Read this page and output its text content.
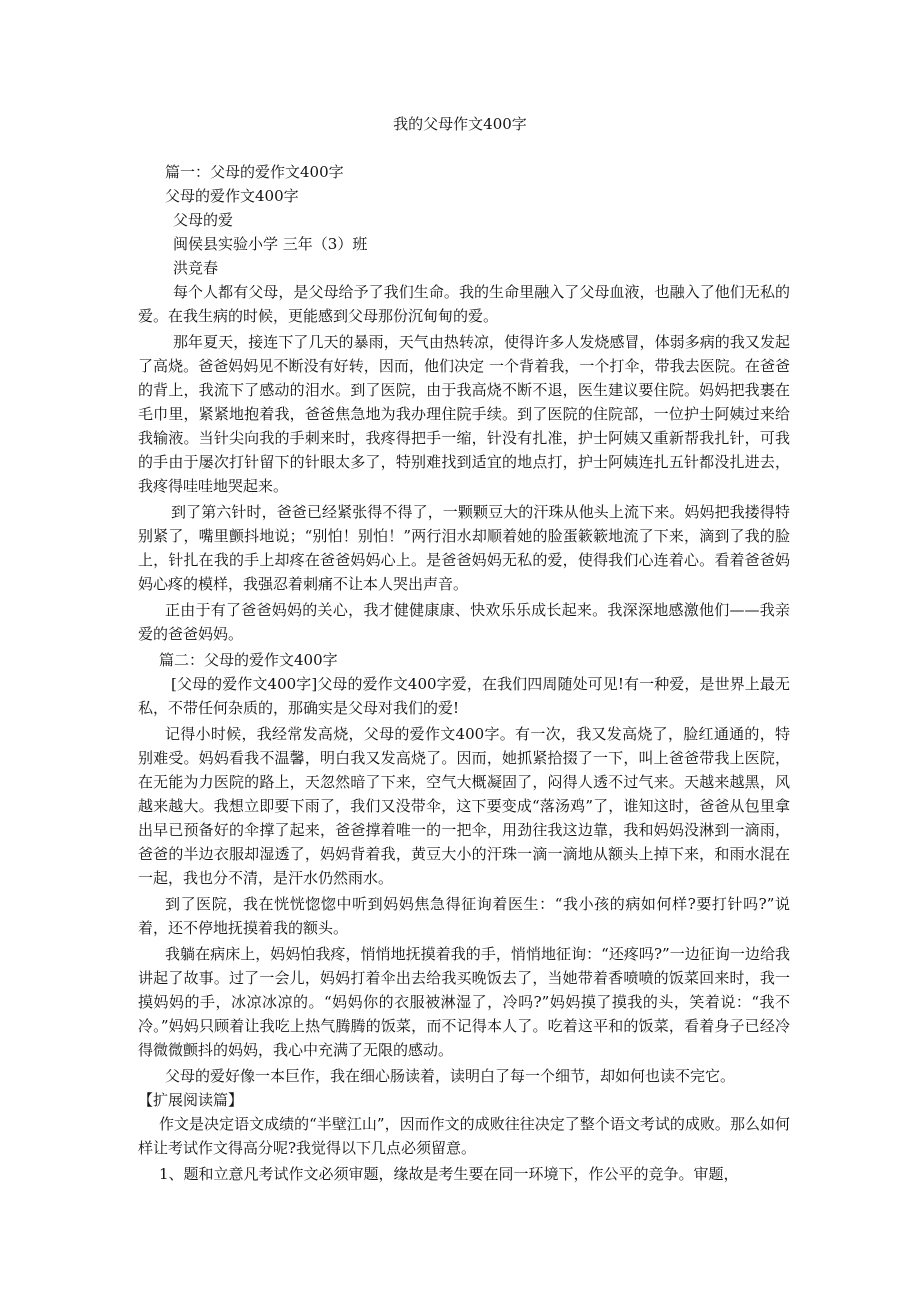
我的父母作文400字
篇一：父母的爱作文400字
父母的爱作文400字
父母的爱
闽侯县实验小学 三年（3）班
洪竞春
每个人都有父母，是父母给予了我们生命。我的生命里融入了父母血液，也融入了他们无私的爱。在我生病的时候，更能感到父母那份沉甸甸的爱。
那年夏天，接连下了几天的暴雨，天气由热转凉，使得许多人发烧感冒，体弱多病的我又发起了高烧。爸爸妈妈见不断没有好转，因而，他们决定 一个背着我，一个打伞，带我去医院。在爸爸的背上，我流下了感动的泪水。到了医院，由于我高烧不断不退，医生建议要住院。妈妈把我裹在毛巾里，紧紧地抱着我，爸爸焦急地为我办理住院手续。到了医院的住院部，一位护士阿姨过来给我输液。当针尖向我的手刺来时，我疼得把手一缩，针没有扎准，护士阿姨又重新帮我扎针，可我的手由于屡次打针留下的针眼太多了，特别难找到适宜的地点打，护士阿姨连扎五针都没扎进去，我疼得哇哇地哭起来。
到了第六针时，爸爸已经紧张得不得了，一颗颗豆大的汗珠从他头上流下来。妈妈把我搂得特别紧了，嘴里颤抖地说；“别怕！别怕！”两行泪水却顺着她的脸蛋簌簌地流了下来，滴到了我的脸上，针扎在我的手上却疼在爸爸妈妈心上。是爸爸妈妈无私的爱，使得我们心连着心。看着爸爸妈妈心疼的模样，我强忍着刺痛不让本人哭出声音。
正由于有了爸爸妈妈的关心，我才健健康康、快欢乐乐成长起来。我深深地感激他们——我亲爱的爸爸妈妈。
篇二：父母的爱作文400字
[父母的爱作文400字]父母的爱作文400字爱，在我们四周随处可见!有一种爱，是世界上最无私，不带任何杂质的，那确实是父母对我们的爱!
记得小时候，我经常发高烧，父母的爱作文400字。有一次，我又发高烧了，脸红通通的，特别难受。妈妈看我不温馨，明白我又发高烧了。因而，她抓紧拾掇了一下，叫上爸爸带我上医院，在无能为力医院的路上，天忽然暗了下来，空气大概凝固了，闷得人透不过气来。天越来越黑，风越来越大。我想立即要下雨了，我们又没带伞，这下要变成“落汤鸡”了，谁知这时，爸爸从包里拿出早已预备好的伞撑了起来，爸爸撑着唯一的一把伞，用劲往我这边靠，我和妈妈没淋到一滴雨，爸爸的半边衣服却湿透了，妈妈背着我，黄豆大小的汗珠一滴一滴地从额头上掉下来，和雨水混在一起，我也分不清，是汗水仍然雨水。
到了医院，我在恍恍惚惚中听到妈妈焦急得征询着医生：“我小孩的病如何样?要打针吗?”说着，还不停地抚摸着我的额头。
我躺在病床上，妈妈怕我疼，悄悄地抚摸着我的手，悄悄地征询：“还疼吗?”一边征询一边给我讲起了故事。过了一会儿，妈妈打着伞出去给我买晚饭去了，当她带着香喷喷的饭菜回来时，我一摸妈妈的手，冰凉冰凉的。“妈妈你的衣服被淋湿了，冷吗?”妈妈摸了摸我的头，笑着说：“我不冷。”妈妈只顾着让我吃上热气腾腾的饭菜，而不记得本人了。吃着这平和的饭菜，看着身子已经冷得微微颤抖的妈妈，我心中充满了无限的感动。
父母的爱好像一本巨作，我在细心肠读着，读明白了每一个细节，却如何也读不完它。
【扩展阅读篇】
作文是决定语文成绩的“半壁江山”，因而作文的成败往往决定了整个语文考试的成败。那么如何样让考试作文得高分呢?我觉得以下几点必须留意。
1、题和立意凡考试作文必须审题，缘故是考生要在同一环境下，作公平的竞争。审题，
